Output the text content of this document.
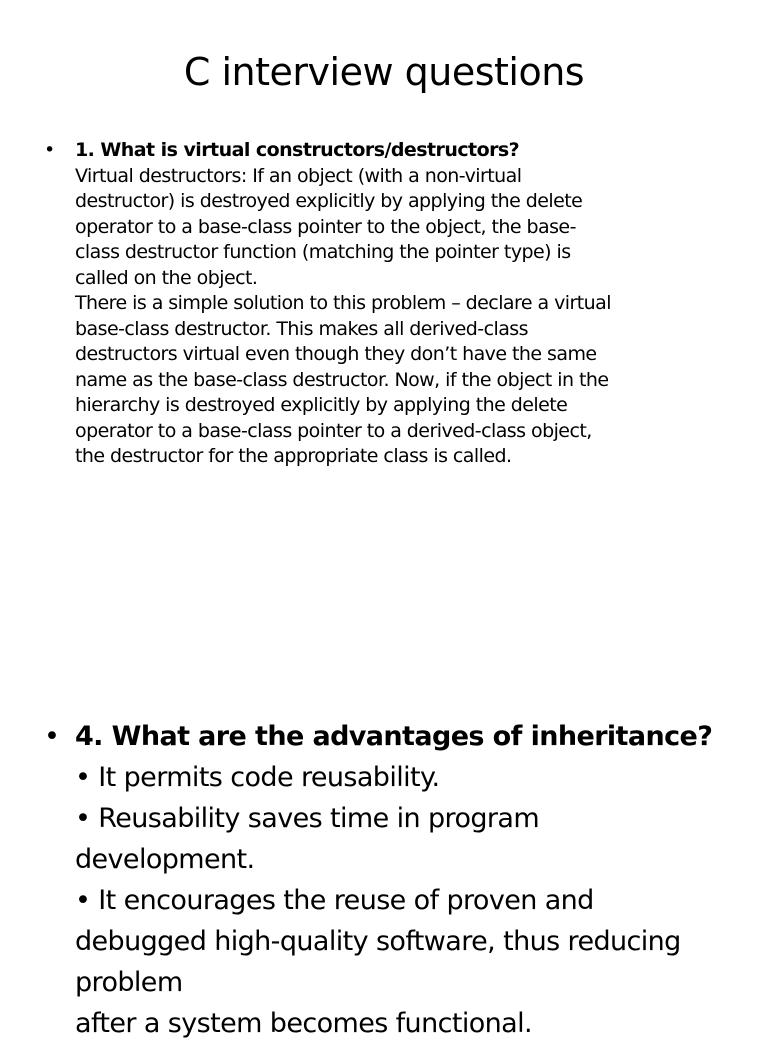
C interview questions
• 1. What is virtual constructors/destructors?
Virtual destructors: If an object (with a non-virtual
destructor) is destroyed explicitly by applying the delete
operator to a base-class pointer to the object, the base-
class destructor function (matching the pointer type) is
called on the object.
There is a simple solution to this problem – declare a virtual
base-class destructor. This makes all derived-class
destructors virtual even though they don’t have the same
name as the base-class destructor. Now, if the object in the
hierarchy is destroyed explicitly by applying the delete
operator to a base-class pointer to a derived-class object,
the destructor for the appropriate class is called.
• 4. What are the advantages of inheritance?
• It permits code reusability.
• Reusability saves time in program
development.
• It encourages the reuse of proven and
debugged high-quality software, thus reducing
problem
after a system becomes functional.
